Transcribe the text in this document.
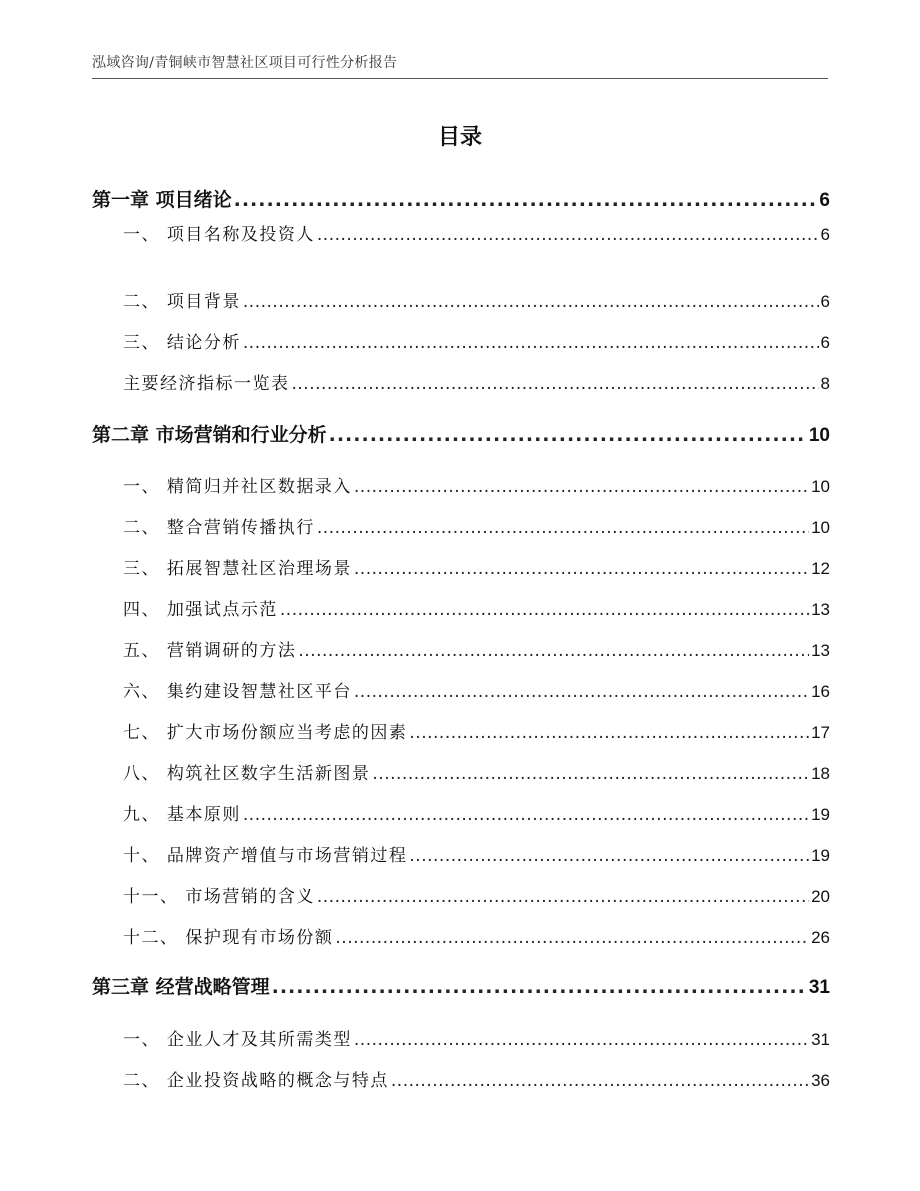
泓域咨询/青铜峡市智慧社区项目可行性分析报告
目录
第一章 项目绪论 .....	6
一、 项目名称及投资人 .....	6
二、 项目背景 .....	6
三、 结论分析 .....	6
主要经济指标一览表 .....	8
第二章 市场营销和行业分析 .....	10
一、 精简归并社区数据录入 .....	10
二、 整合营销传播执行 .....	10
三、 拓展智慧社区治理场景 .....	12
四、 加强试点示范 .....	13
五、 营销调研的方法 .....	13
六、 集约建设智慧社区平台 .....	16
七、 扩大市场份额应当考虑的因素 .....	17
八、 构筑社区数字生活新图景 .....	18
九、 基本原则 .....	19
十、 品牌资产增值与市场营销过程 .....	19
十一、 市场营销的含义 .....	20
十二、 保护现有市场份额 .....	26
第三章 经营战略管理 .....	31
一、 企业人才及其所需类型 .....	31
二、 企业投资战略的概念与特点 .....	36
